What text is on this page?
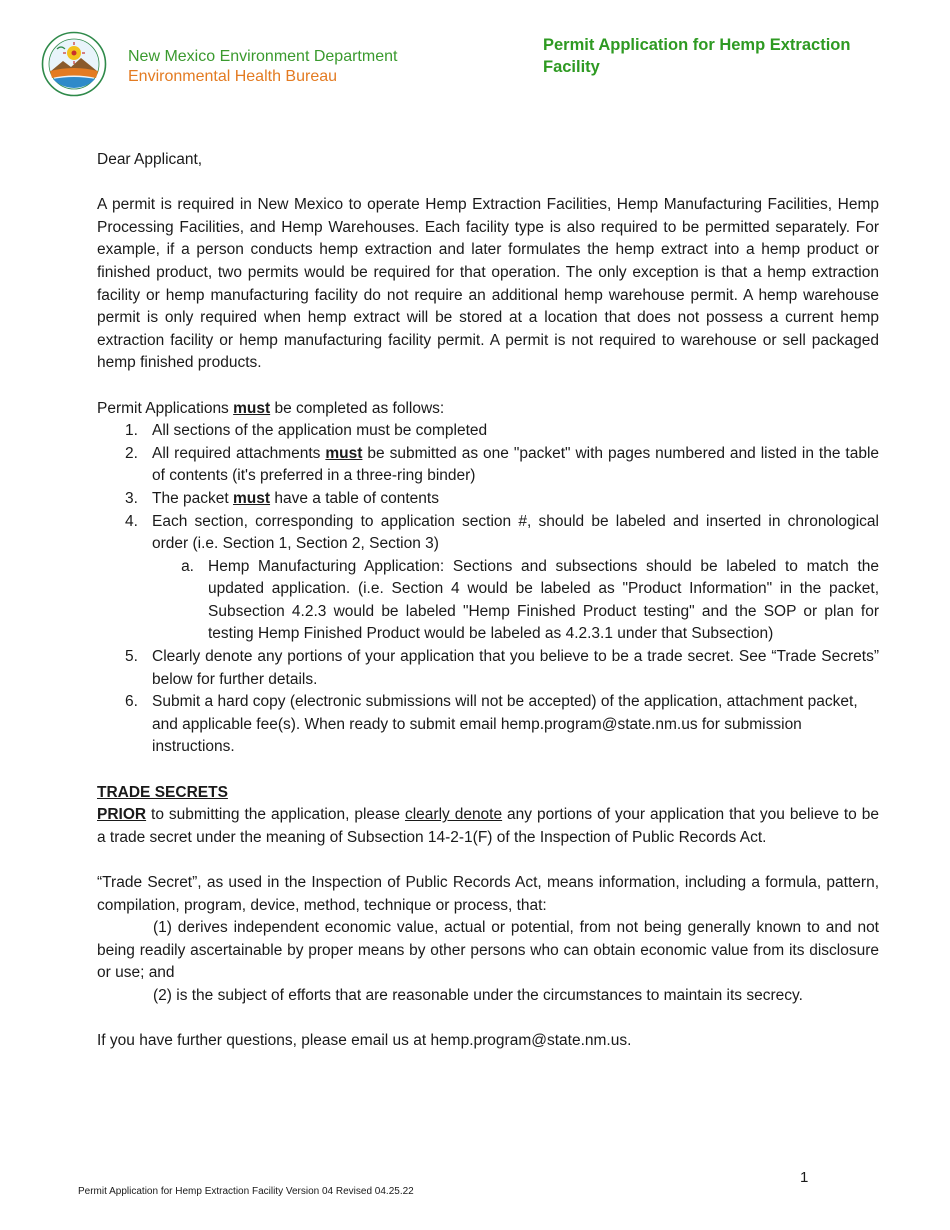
New Mexico Environment Department
Environmental Health Bureau
Permit Application for Hemp Extraction Facility

Dear Applicant,

A permit is required in New Mexico to operate Hemp Extraction Facilities, Hemp Manufacturing Facilities, Hemp Processing Facilities, and Hemp Warehouses. Each facility type is also required to be permitted separately. For example, if a person conducts hemp extraction and later formulates the hemp extract into a hemp product or finished product, two permits would be required for that operation. The only exception is that a hemp extraction facility or hemp manufacturing facility do not require an additional hemp warehouse permit. A hemp warehouse permit is only required when hemp extract will be stored at a location that does not possess a current hemp extraction facility or hemp manufacturing facility permit. A permit is not required to warehouse or sell packaged hemp finished products.

Permit Applications must be completed as follows:

1. All sections of the application must be completed
2. All required attachments must be submitted as one "packet" with pages numbered and listed in the table of contents (it's preferred in a three-ring binder)
3. The packet must have a table of contents
4. Each section, corresponding to application section #, should be labeled and inserted in chronological order (i.e. Section 1, Section 2, Section 3)
a. Hemp Manufacturing Application: Sections and subsections should be labeled to match the updated application. (i.e. Section 4 would be labeled as "Product Information" in the packet, Subsection 4.2.3 would be labeled "Hemp Finished Product testing" and the SOP or plan for testing Hemp Finished Product would be labeled as 4.2.3.1 under that Subsection)
5. Clearly denote any portions of your application that you believe to be a trade secret. See “Trade Secrets” below for further details.
6. Submit a hard copy (electronic submissions will not be accepted) of the application, attachment packet, and applicable fee(s). When ready to submit email hemp.program@state.nm.us for submission instructions.

TRADE SECRETS

PRIOR to submitting the application, please clearly denote any portions of your application that you believe to be a trade secret under the meaning of Subsection 14-2-1(F) of the Inspection of Public Records Act.

“Trade Secret”, as used in the Inspection of Public Records Act, means information, including a formula, pattern, compilation, program, device, method, technique or process, that:

(1) derives independent economic value, actual or potential, from not being generally known to and not being readily ascertainable by proper means by other persons who can obtain economic value from its disclosure or use; and

(2) is the subject of efforts that are reasonable under the circumstances to maintain its secrecy.

If you have further questions, please email us at hemp.program@state.nm.us.

1
Permit Application for Hemp Extraction Facility Version 04 Revised 04.25.22
